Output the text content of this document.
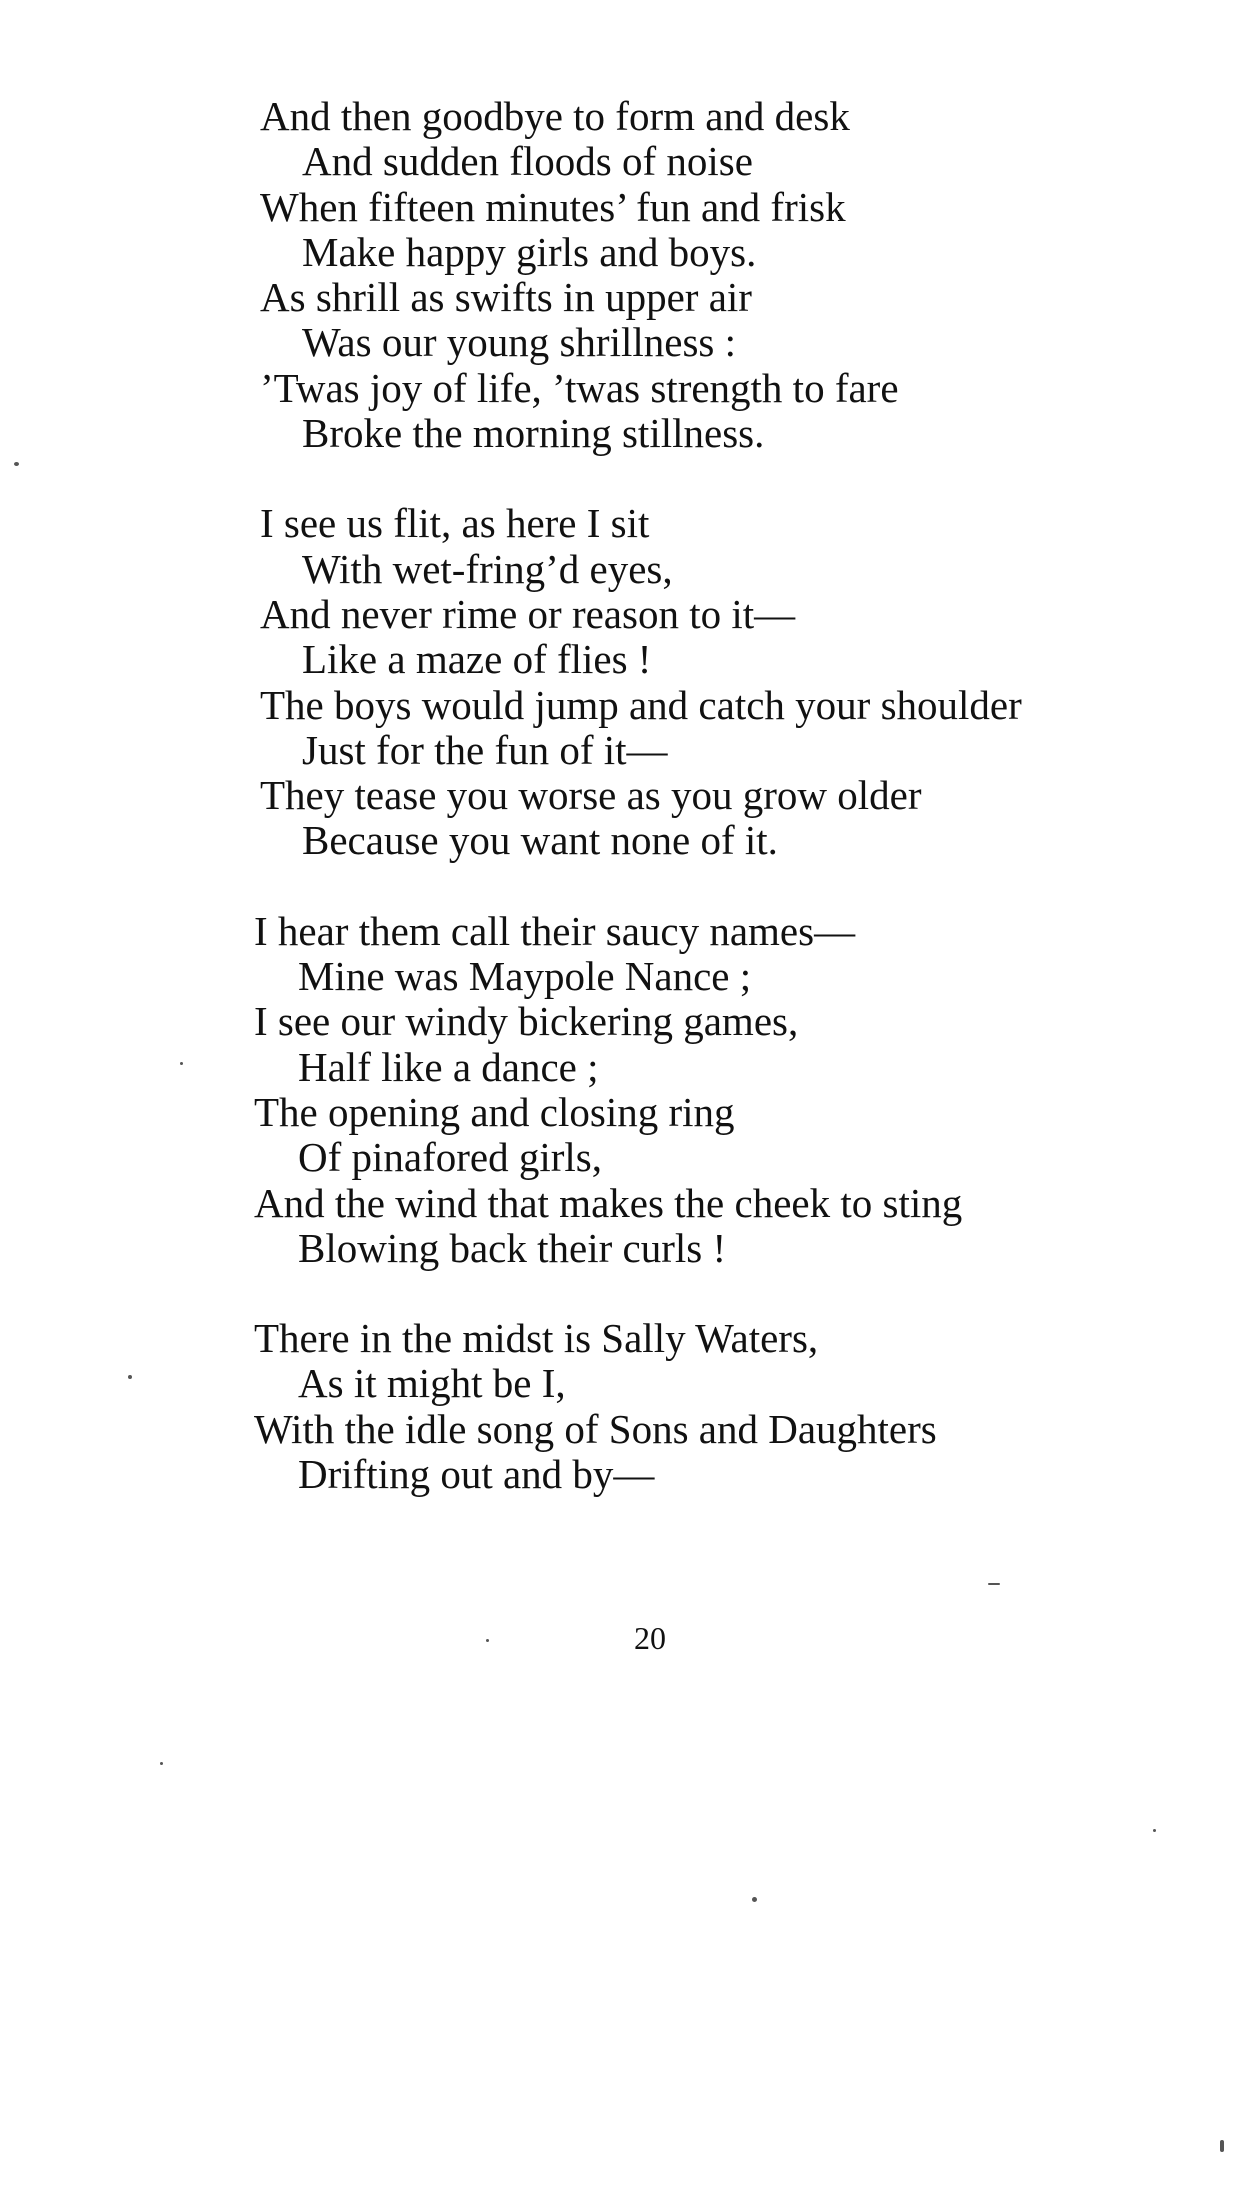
And then goodbye to form and desk
And sudden floods of noise
When fifteen minutes’ fun and frisk
Make happy girls and boys.
As shrill as swifts in upper air
Was our young shrillness :
’Twas joy of life, ’twas strength to fare
Broke the morning stillness.
I see us flit, as here I sit
With wet-fring’d eyes,
And never rime or reason to it—
Like a maze of flies !
The boys would jump and catch your shoulder
Just for the fun of it—
They tease you worse as you grow older
Because you want none of it.
I hear them call their saucy names—
Mine was Maypole Nance ;
I see our windy bickering games,
Half like a dance ;
The opening and closing ring
Of pinafored girls,
And the wind that makes the cheek to sting
Blowing back their curls !
There in the midst is Sally Waters,
As it might be I,
With the idle song of Sons and Daughters
Drifting out and by—
20
